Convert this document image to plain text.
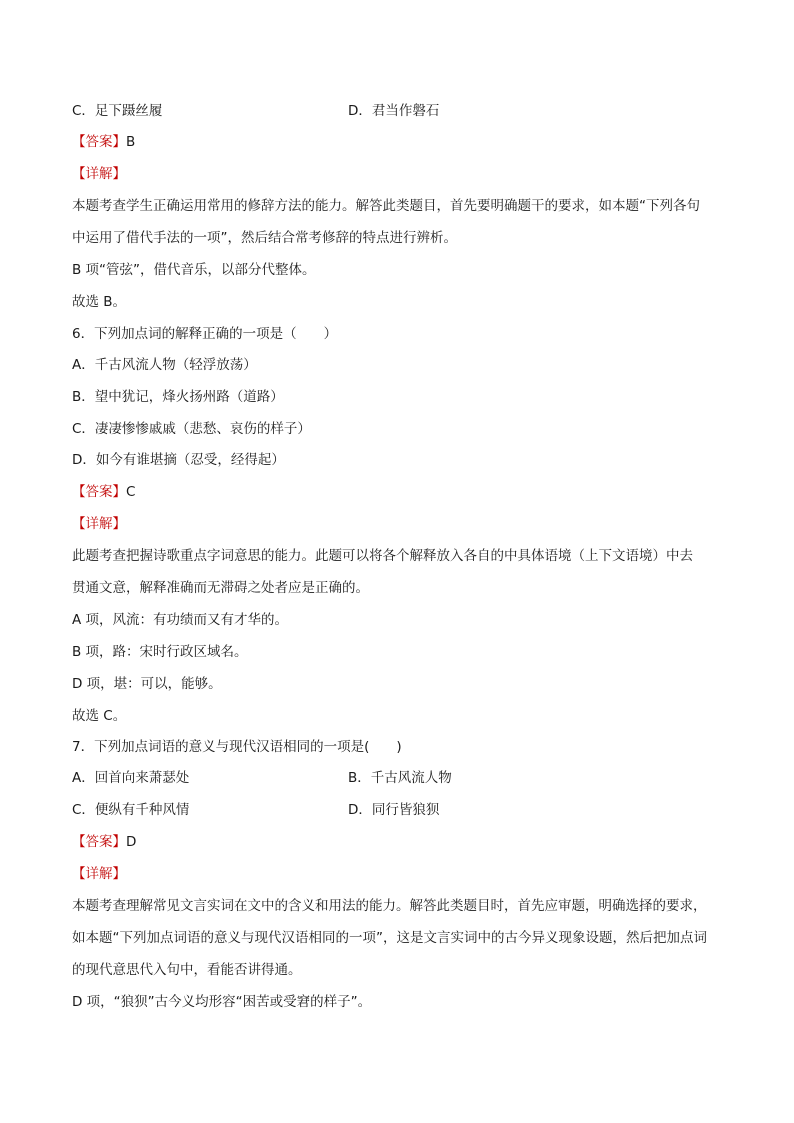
C．足下蹑丝履	D．君当作磐石
【答案】B
【详解】
本题考查学生正确运用常用的修辞方法的能力。解答此类题目，首先要明确题干的要求，如本题“下列各句
中运用了借代手法的一项”，然后结合常考修辞的特点进行辨析。
B 项“管弦”，借代音乐，以部分代整体。
故选 B。
6．下列加点词的解释正确的一项是（　　）
A．千古风流人物（轻浮放荡）
B．望中犹记，烽火扬州路（道路）
C．凄凄惨惨戚戚（悲愁、哀伤的样子）
D．如今有谁堪摘（忍受，经得起）
【答案】C
【详解】
此题考查把握诗歌重点字词意思的能力。此题可以将各个解释放入各自的中具体语境（上下文语境）中去
贯通文意，解释准确而无滞碍之处者应是正确的。
A 项，风流：有功绩而又有才华的。
B 项，路：宋时行政区域名。
D 项，堪：可以，能够。
故选 C。
7．下列加点词语的意义与现代汉语相同的一项是(　　)
A．回首向来萧瑟处	B．千古风流人物
C．便纵有千种风情	D．同行皆狼狈
【答案】D
【详解】
本题考查理解常见文言实词在文中的含义和用法的能力。解答此类题目时，首先应审题，明确选择的要求，
如本题“下列加点词语的意义与现代汉语相同的一项”，这是文言实词中的古今异义现象设题，然后把加点词
的现代意思代入句中，看能否讲得通。
D 项，“狼狈”古今义均形容“困苦或受窘的样子”。
